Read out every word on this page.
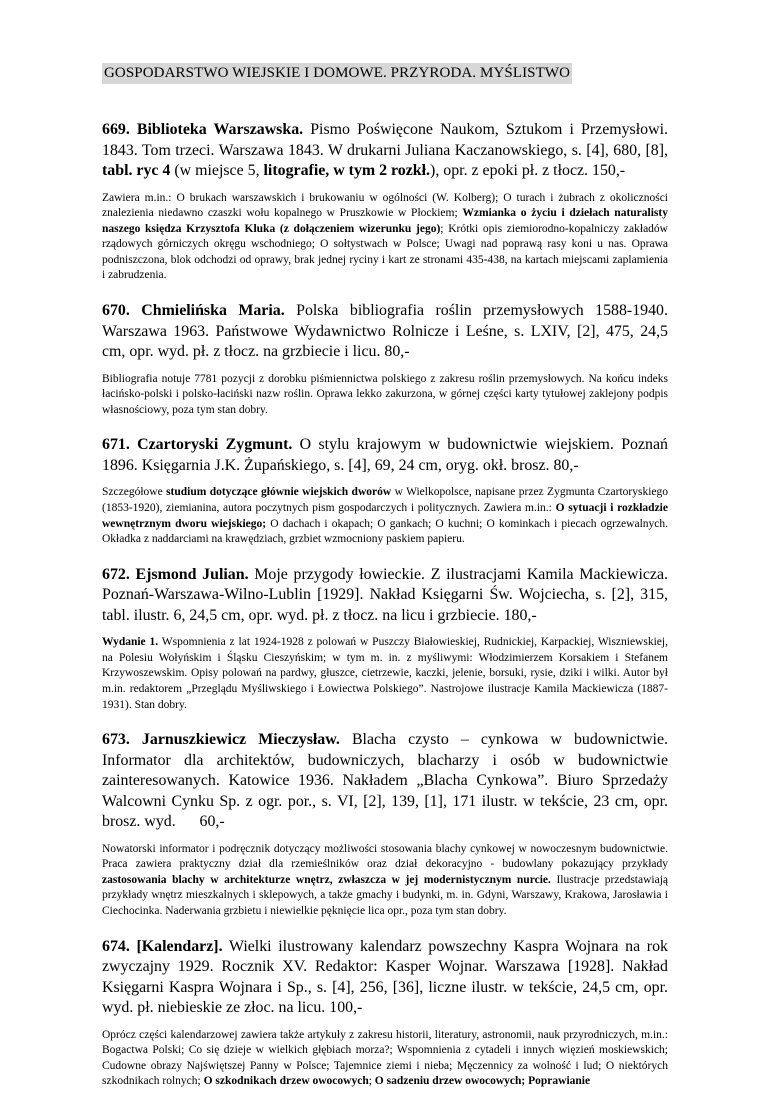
GOSPODARSTWO WIEJSKIE I DOMOWE. PRZYRODA. MYŚLISTWO

669. Biblioteka Warszawska. Pismo Poświęcone Naukom, Sztukom i Przemysłowi. 1843. Tom trzeci. Warszawa 1843. W drukarni Juliana Kaczanowskiego, s. [4], 680, [8], tabl. ryc 4 (w miejsce 5, litografie, w tym 2 rozkł.), opr. z epoki pł. z tłocz. 150,-

Zawiera m.in.: O brukach warszawskich i brukowaniu w ogólności (W. Kolberg); O turach i żubrach z okoliczności znalezienia niedawno czaszki wołu kopalnego w Pruszkowie w Płockiem; Wzmianka o życiu i dziełach naturalisty naszego księdza Krzysztofa Kluka (z dołączeniem wizerunku jego); Krótki opis ziemiorodno-kopalniczy zakładów rządowych górniczych okręgu wschodniego; O sołtystwach w Polsce; Uwagi nad poprawą rasy koni u nas. Oprawa podniszczona, blok odchodzi od oprawy, brak jednej ryciny i kart ze stronami 435-438, na kartach miejscami zaplamienia i zabrudzenia.

670. Chmielińska Maria. Polska bibliografia roślin przemysłowych 1588-1940. Warszawa 1963. Państwowe Wydawnictwo Rolnicze i Leśne, s. LXIV, [2], 475, 24,5 cm, opr. wyd. pł. z tłocz. na grzbiecie i licu. 80,-

Bibliografia notuje 7781 pozycji z dorobku piśmiennictwa polskiego z zakresu roślin przemysłowych. Na końcu indeks łacińsko-polski i polsko-łaciński nazw roślin. Oprawa lekko zakurzona, w górnej części karty tytułowej zaklejony podpis własnościowy, poza tym stan dobry.

671. Czartoryski Zygmunt. O stylu krajowym w budownictwie wiejskiem. Poznań 1896. Księgarnia J.K. Żupańskiego, s. [4], 69, 24 cm, oryg. okł. brosz. 80,-

Szczegółowe studium dotyczące głównie wiejskich dworów w Wielkopolsce, napisane przez Zygmunta Czartoryskiego (1853-1920), ziemianina, autora poczytnych pism gospodarczych i politycznych. Zawiera m.in.: O sytuacji i rozkładzie wewnętrznym dworu wiejskiego; O dachach i okapach; O gankach; O kuchni; O kominkach i piecach ogrzewalnych. Okładka z naddarciami na krawędziach, grzbiet wzmocniony paskiem papieru.

672. Ejsmond Julian. Moje przygody łowieckie. Z ilustracjami Kamila Mackiewicza. Poznań-Warszawa-Wilno-Lublin [1929]. Nakład Księgarni Św. Wojciecha, s. [2], 315, tabl. ilustr. 6, 24,5 cm, opr. wyd. pł. z tłocz. na licu i grzbiecie. 180,-

Wydanie 1. Wspomnienia z lat 1924-1928 z polowań w Puszczy Białowieskiej, Rudnickiej, Karpackiej, Wiszniewskiej, na Polesiu Wołyńskim i Śląsku Cieszyńskim; w tym m. in. z myśliwymi: Włodzimierzem Korsakiem i Stefanem Krzywoszewskim. Opisy polowań na pardwy, głuszce, cietrzewie, kaczki, jelenie, borsuki, rysie, dziki i wilki. Autor był m.in. redaktorem „Przeglądu Myśliwskiego i Łowiectwa Polskiego”. Nastrojowe ilustracje Kamila Mackiewicza (1887-1931). Stan dobry.

673. Jarnuszkiewicz Mieczysław. Blacha czysto – cynkowa w budownictwie. Informator dla architektów, budowniczych, blacharzy i osób w budownictwie zainteresowanych. Katowice 1936. Nakładem „Blacha Cynkowa”. Biuro Sprzedaży Walcowni Cynku Sp. z ogr. por., s. VI, [2], 139, [1], 171 ilustr. w tekście, 23 cm, opr. brosz. wyd.      60,-

Nowatorski informator i podręcznik dotyczący możliwości stosowania blachy cynkowej w nowoczesnym budownictwie. Praca zawiera praktyczny dział dla rzemieślników oraz dział dekoracyjno - budowlany pokazujący przykłady zastosowania blachy w architekturze wnętrz, zwłaszcza w jej modernistycznym nurcie. Ilustracje przedstawiają przykłady wnętrz mieszkalnych i sklepowych, a także gmachy i budynki, m. in. Gdyni, Warszawy, Krakowa, Jarosławia i Ciechocinka. Naderwania grzbietu i niewielkie pęknięcie lica opr., poza tym stan dobry.

674. [Kalendarz]. Wielki ilustrowany kalendarz powszechny Kaspra Wojnara na rok zwyczajny 1929. Rocznik XV. Redaktor: Kasper Wojnar. Warszawa [1928]. Nakład Księgarni Kaspra Wojnara i Sp., s. [4], 256, [36], liczne ilustr. w tekście, 24,5 cm, opr. wyd. pł. niebieskie ze złoc. na licu. 100,-

Oprócz części kalendarzowej zawiera także artykuły z zakresu historii, literatury, astronomii, nauk przyrodniczych, m.in.: Bogactwa Polski; Co się dzieje w wielkich głębiach morza?; Wspomnienia z cytadeli i innych więzień moskiewskich; Cudowne obrazy Najświętszej Panny w Polsce; Tajemnice ziemi i nieba; Męczennicy za wolność i lud; O niektórych szkodnikach rolnych; O szkodnikach drzew owocowych; O sadzeniu drzew owocowych; Poprawianie
